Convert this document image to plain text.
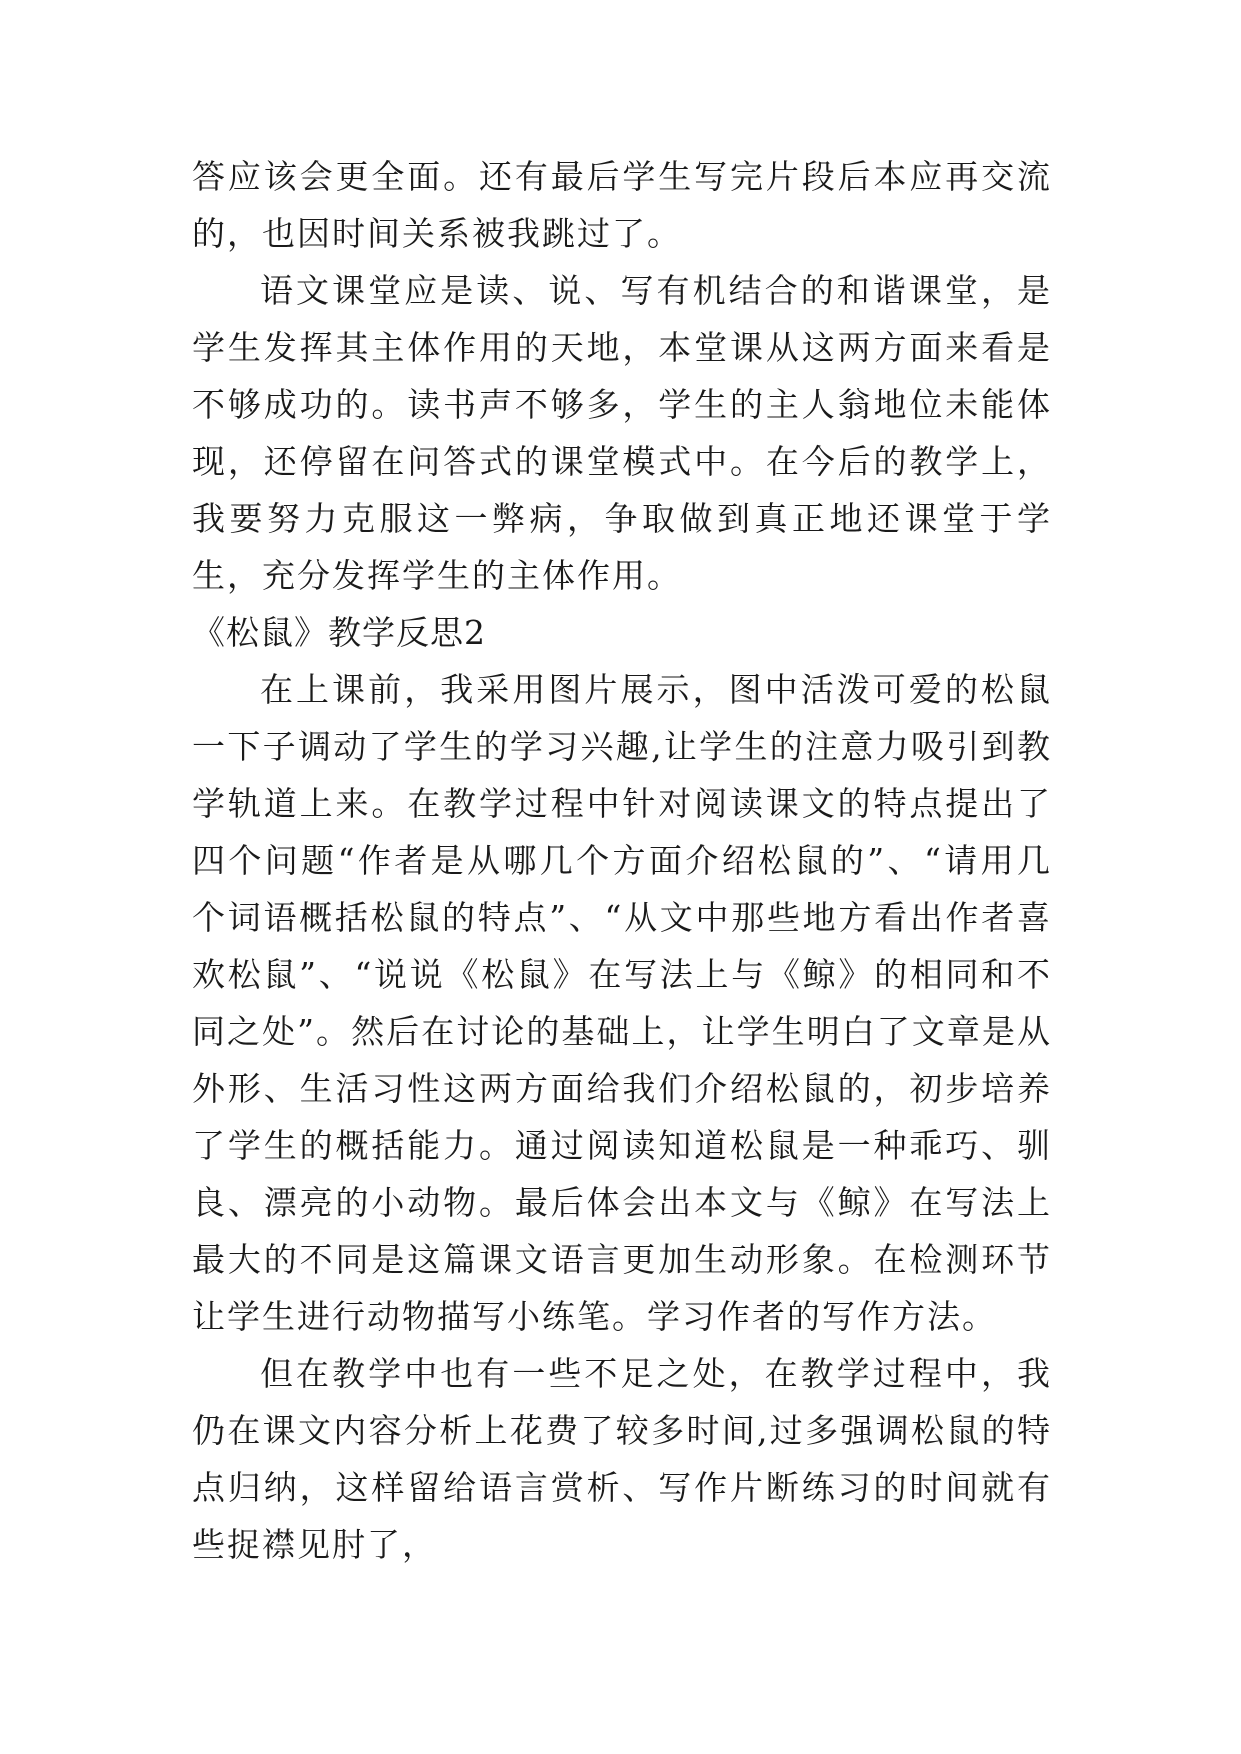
答应该会更全面。还有最后学生写完片段后本应再交流的，也因时间关系被我跳过了。

语文课堂应是读、说、写有机结合的和谐课堂，是学生发挥其主体作用的天地，本堂课从这两方面来看是不够成功的。读书声不够多，学生的主人翁地位未能体现，还停留在问答式的课堂模式中。在今后的教学上，我要努力克服这一弊病，争取做到真正地还课堂于学生，充分发挥学生的主体作用。

《松鼠》教学反思2

在上课前，我采用图片展示，图中活泼可爱的松鼠一下子调动了学生的学习兴趣,让学生的注意力吸引到教学轨道上来。在教学过程中针对阅读课文的特点提出了四个问题“作者是从哪几个方面介绍松鼠的”、“请用几个词语概括松鼠的特点”、“从文中那些地方看出作者喜欢松鼠”、“说说《松鼠》在写法上与《鲸》的相同和不同之处”。然后在讨论的基础上，让学生明白了文章是从外形、生活习性这两方面给我们介绍松鼠的，初步培养了学生的概括能力。通过阅读知道松鼠是一种乖巧、驯良、漂亮的小动物。最后体会出本文与《鲸》在写法上最大的不同是这篇课文语言更加生动形象。在检测环节让学生进行动物描写小练笔。学习作者的写作方法。

但在教学中也有一些不足之处，在教学过程中，我仍在课文内容分析上花费了较多时间,过多强调松鼠的特点归纳，这样留给语言赏析、写作片断练习的时间就有些捉襟见肘了，
